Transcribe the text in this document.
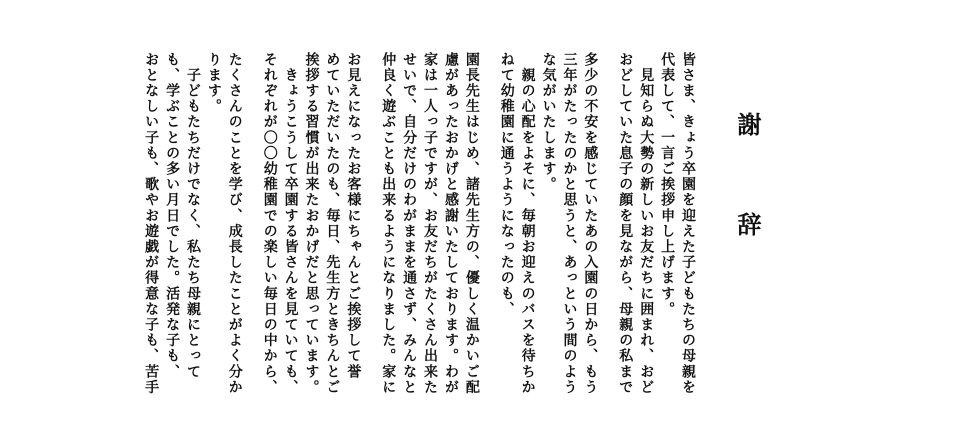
謝　辞
皆さま、きょう卒園を迎えた子どもたちの母親を
代表して、一言ご挨拶申し上げます。
　見知らぬ大勢の新しいお友だちに囲まれ、おど
おどしていた息子の顔を見ながら、母親の私まで
多少の不安を感じていたあの入園の日から、もう
三年がたったのかと思うと、あっという間のよう
な気がいたします。
　親の心配をよそに、毎朝お迎えのバスを待ちか
ねて幼稚園に通うようになったのも、
園長先生はじめ、諸先生方の、優しく温かいご配
慮があったおかげと感謝いたしております。わが
家は一人っ子ですが、お友だちがたくさん出来た
せいで、自分だけのわがままを通さず、みんなと
仲良く遊ぶことも出来るようになりました。家に
お見えになったお客様にちゃんとご挨拶して誉
めていただいたのも、毎日、先生方ときちんとご
挨拶する習慣が出来たおかげだと思っています。
　きょうこうして卒園する皆さんを見ていても、
それぞれが〇〇幼稚園での楽しい毎日の中から、
たくさんのことを学び、成長したことがよく分か
ります。
　子どもたちだけでなく、私たち母親にとって
も、学ぶことの多い月日でした。活発な子も、
おとなしい子も、歌やお遊戯が得意な子も、苦手
